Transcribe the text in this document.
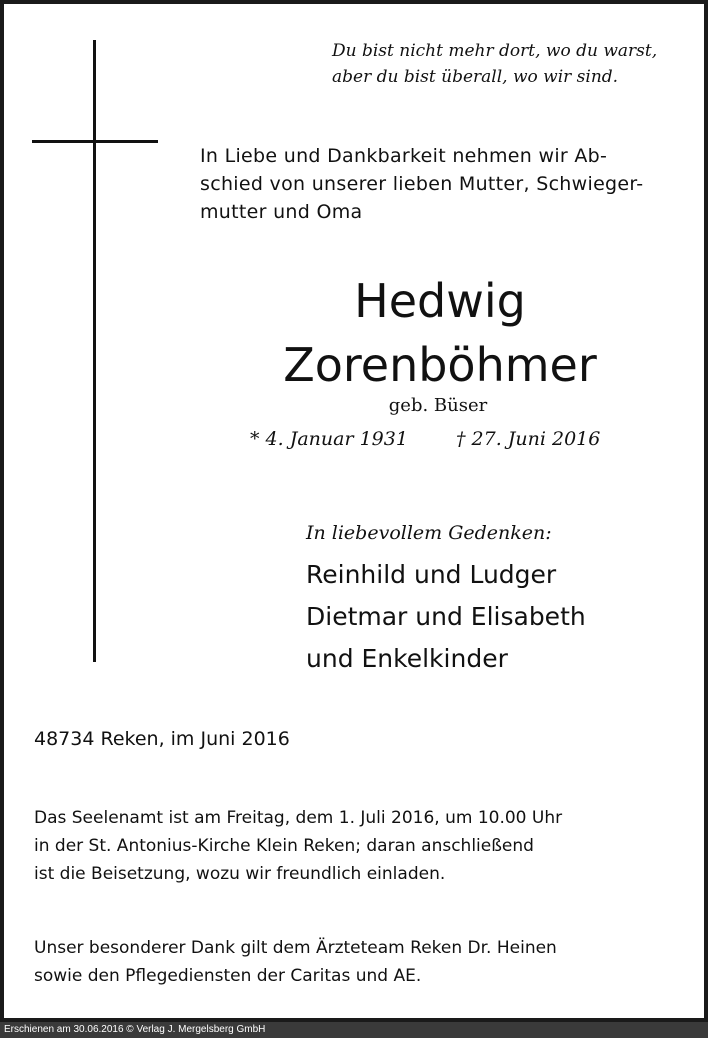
Du bist nicht mehr dort, wo du warst,
aber du bist überall, wo wir sind.
In Liebe und Dankbarkeit nehmen wir Ab-
schied von unserer lieben Mutter, Schwieger-
mutter und Oma
Hedwig
Zorenböhmer
geb. Büser
* 4. Januar 1931	† 27. Juni 2016
In liebevollem Gedenken:
Reinhild und Ludger
Dietmar und Elisabeth
und Enkelkinder
48734 Reken, im Juni 2016
Das Seelenamt ist am Freitag, dem 1. Juli 2016, um 10.00 Uhr
in der St. Antonius-Kirche Klein Reken; daran anschließend
ist die Beisetzung, wozu wir freundlich einladen.
Unser besonderer Dank gilt dem Ärzteteam Reken Dr. Heinen
sowie den Pflegediensten der Caritas und AE.
Erschienen am 30.06.2016 © Verlag J. Mergelsberg GmbH
